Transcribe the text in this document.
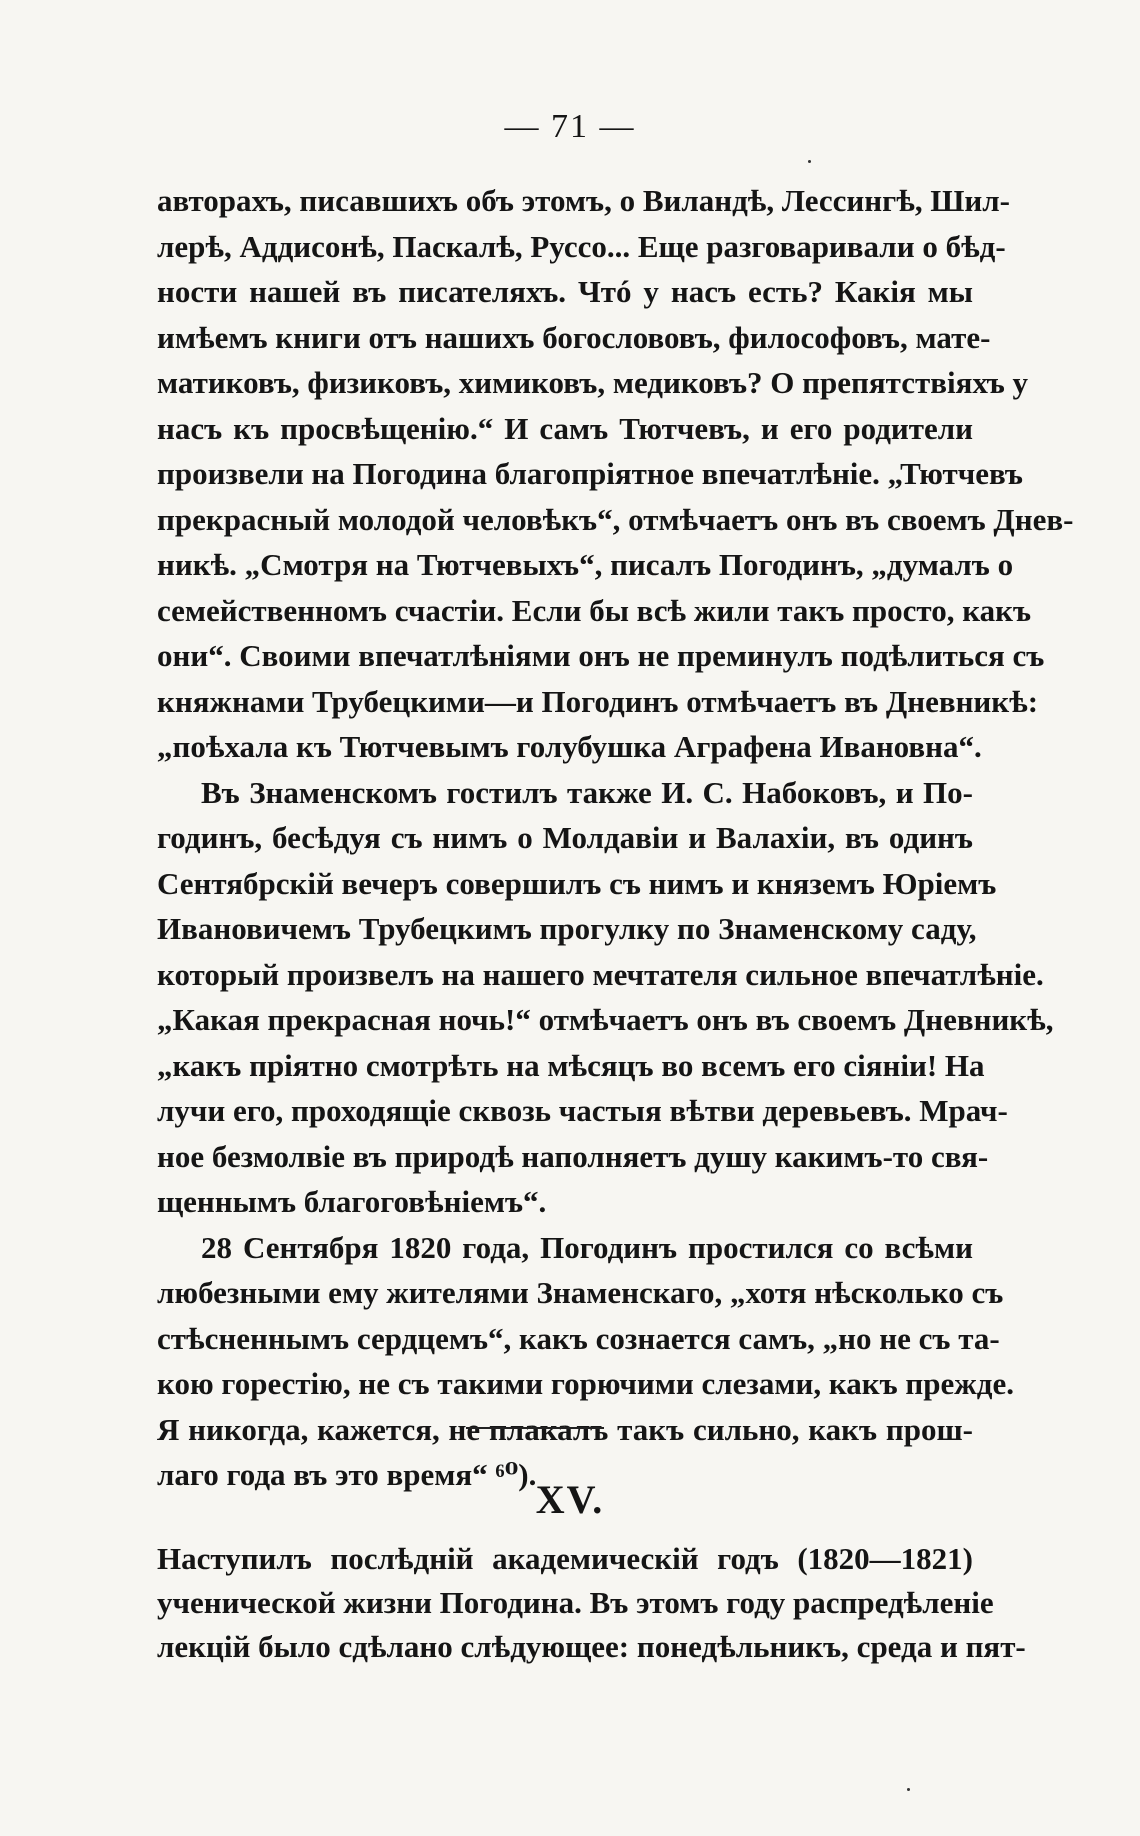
— 71 —
авторахъ, писавшихъ объ этомъ, о Виландѣ, Лессингѣ, Шил-
лерѣ, Аддисонѣ, Паскалѣ, Руссо... Еще разговаривали о бѣд-
ности нашей въ писателяхъ. Чтó у насъ есть? Какія мы
имѣемъ книги отъ нашихъ богослововъ, философовъ, мате-
матиковъ, физиковъ, химиковъ, медиковъ? О препятствіяхъ у
насъ къ просвѣщенію.“ И самъ Тютчевъ, и его родители
произвели на Погодина благопріятное впечатлѣніе. „Тютчевъ
прекрасный молодой человѣкъ“, отмѣчаетъ онъ въ своемъ Днев-
никѣ. „Смотря на Тютчевыхъ“, писалъ Погодинъ, „думалъ о
семейственномъ счастіи. Если бы всѣ жили такъ просто, какъ
они“. Своими впечатлѣніями онъ не преминулъ подѣлиться съ
княжнами Трубецкими—и Погодинъ отмѣчаетъ въ Дневникѣ:
„поѣхала къ Тютчевымъ голубушка Аграфена Ивановна“.
Въ Знаменскомъ гостилъ также И. С. Набоковъ, и По-
годинъ, бесѣдуя съ нимъ о Молдавіи и Валахіи, въ одинъ
Сентябрскій вечеръ совершилъ съ нимъ и княземъ Юріемъ
Ивановичемъ Трубецкимъ прогулку по Знаменскому саду,
который произвелъ на нашего мечтателя сильное впечатлѣніе.
„Какая прекрасная ночь!“ отмѣчаетъ онъ въ своемъ Дневникѣ,
„какъ пріятно смотрѣть на мѣсяцъ во всемъ его сіяніи! На
лучи его, проходящіе сквозь частыя вѣтви деревьевъ. Мрач-
ное безмолвіе въ природѣ наполняетъ душу какимъ-то свя-
щеннымъ благоговѣніемъ“.
28 Сентября 1820 года, Погодинъ простился со всѣми
любезными ему жителями Знаменскаго, „хотя нѣсколько съ
стѣсненнымъ сердцемъ“, какъ сознается самъ, „но не съ та-
кою горестію, не съ такими горючими слезами, какъ прежде.
Я никогда, кажется, не плакалъ такъ сильно, какъ прош-
лаго года въ это время“ ⁶⁰).
XV.
Наступилъ послѣдній академическій годъ (1820—1821)
ученической жизни Погодина. Въ этомъ году распредѣленіе
лекцій было сдѣлано слѣдующее: понедѣльникъ, среда и пят-
